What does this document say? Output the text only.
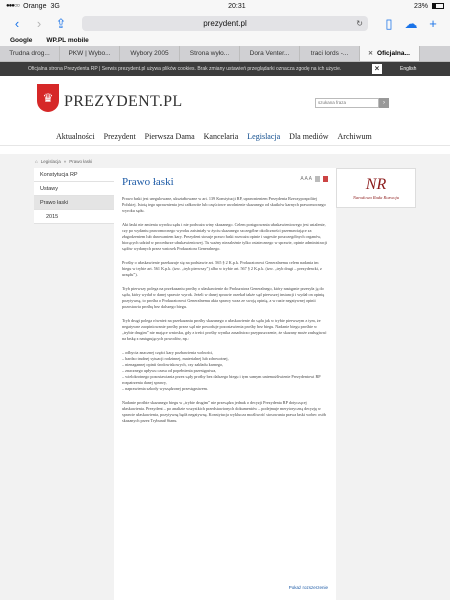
●●●○○ Orange 3G	20:31	23%
‹	›	⇪	prezydent.pl	↻	▯ ☁ +
Google WP.PL mobile
Trudna drog...	PKW | Wybo...	Wybory 2005	Strona wyło...	Dora Venter...	traci lords -...	✕ Oficjalna...
Oficjalna strona Prezydenta RP | Serwis prezydent.pl używa plików cookies. Brak zmiany ustawień przeglądarki oznacza zgodę na ich użycie.	×	English
♛ PREZYDENT.PL	szukana fraza	›
Aktualności Prezydent Pierwsza Dama Kancelaria Legislacja Dla mediów Archiwum
⌂ Legislacja » Prawo łaski
Konstytucja RP
Ustawy
Prawo łaski
2015
Prawo łaski	A A A

Prawo łaski jest uregulowane, ukształtowane w art. 139 Konstytucji RP, uprawnieniem Prezydenta Rzeczypospolitej Polskiej. Istotą tego uprawnienia jest całkowite lub częściowe uwolnienie skazanego od skutków karnych prawomocnego wyroku sądu.

Akt łaski nie zmienia wyroku sądu i nie podważa winy skazanego. Celem postępowania ułaskawieniowego jest ustalenie, czy po wydaniu prawomocnego wyroku zaistniały w życiu skazanego szczególne okoliczności przemawiające za złagodzeniem lub darowaniem kary. Prezydent stosuje prawo łaski rozważa opinie i sugestie poszczególnych organów, biorących udział w procedurze ułaskawieniowej. Tu ważny niezależnie tylko ostatecznego w sprawie, opinie administracji sądów wydanych przez wniosek Prokuratora Generalnego.

Prośby o ułaskawienie przekazuje się na podstawie art. 565 § 2 K.p.k. Prokuratorowi Generalnemu celem nadania im biegu w trybie art. 561 K.p.k. (tzw. „tryb pierwszy”) albo w trybie art. 567 § 2 K.p.k. (tzw. „tryb drugi – prezydencki, z urzędu”).

Tryb pierwszy polega na przekazaniu prośby o ułaskawienie do Prokuratora Generalnego, który następnie przesyła ją do sądu, który wydał w danej sprawie wyrok. Jeżeli w danej sprawie orzekał także sąd pierwszej instancji i wydał on opinię pozytywną, to prośba o Prokuratorowi Generalnemu akta sprawy wraz ze swoją opinią, a w razie negatywnej opinii pozostawia prośbę bez dalszego biegu.

Tryb drugi polega również na przekazaniu prośby skazanego o ułaskawienie do sądu jak w trybie pierwszym z tym, że negatywne zaopiniowanie prośby przez sąd nie powoduje pozostawienia prośby bez biegu. Nadanie biegu prośbie w „trybie drugim” nie mające wniosku, gdy z treści prośby wynika zasadniczo przypuszczenie, że skazany może zasługiwać na łaskę z następujących powodów, np.:

– odbycia znacznej części kary pozbawienia wolności,
– bardzo trudnej sytuacji rodzinnej, materialnej lub zdrowotnej,
– nienagannej opinii środowiskowych, czy zakładu karnego,
– znacznego upływu czasu od popełnienia przestępstwa,
– wielokrotnego pozostawiania przez sądy prośby bez dalszego biegu i tym samym uniemożliwienie Prezydentowi RP rozpatrzenia danej sprawy,
– naprawienia szkody wyrządzonej przestępstwem.

Nadanie prośbie skazanego biegu w „trybie drugim” nie przesądza jednak o decyzji Prezydenta RP dotyczącej ułaskawienia. Prezydent – po analizie wszystkich przedstawionych dokumentów – podejmuje merytoryczną decyzję w sprawie ułaskawienia, pozytywną bądź negatywną. Konstytucja wyklucza możliwość stosowania prawa łaski wobec osób skazanych przez Trybunał Stanu.

Pokaż rozszerzenie
NR
Narodowa Rada Rozwoju
